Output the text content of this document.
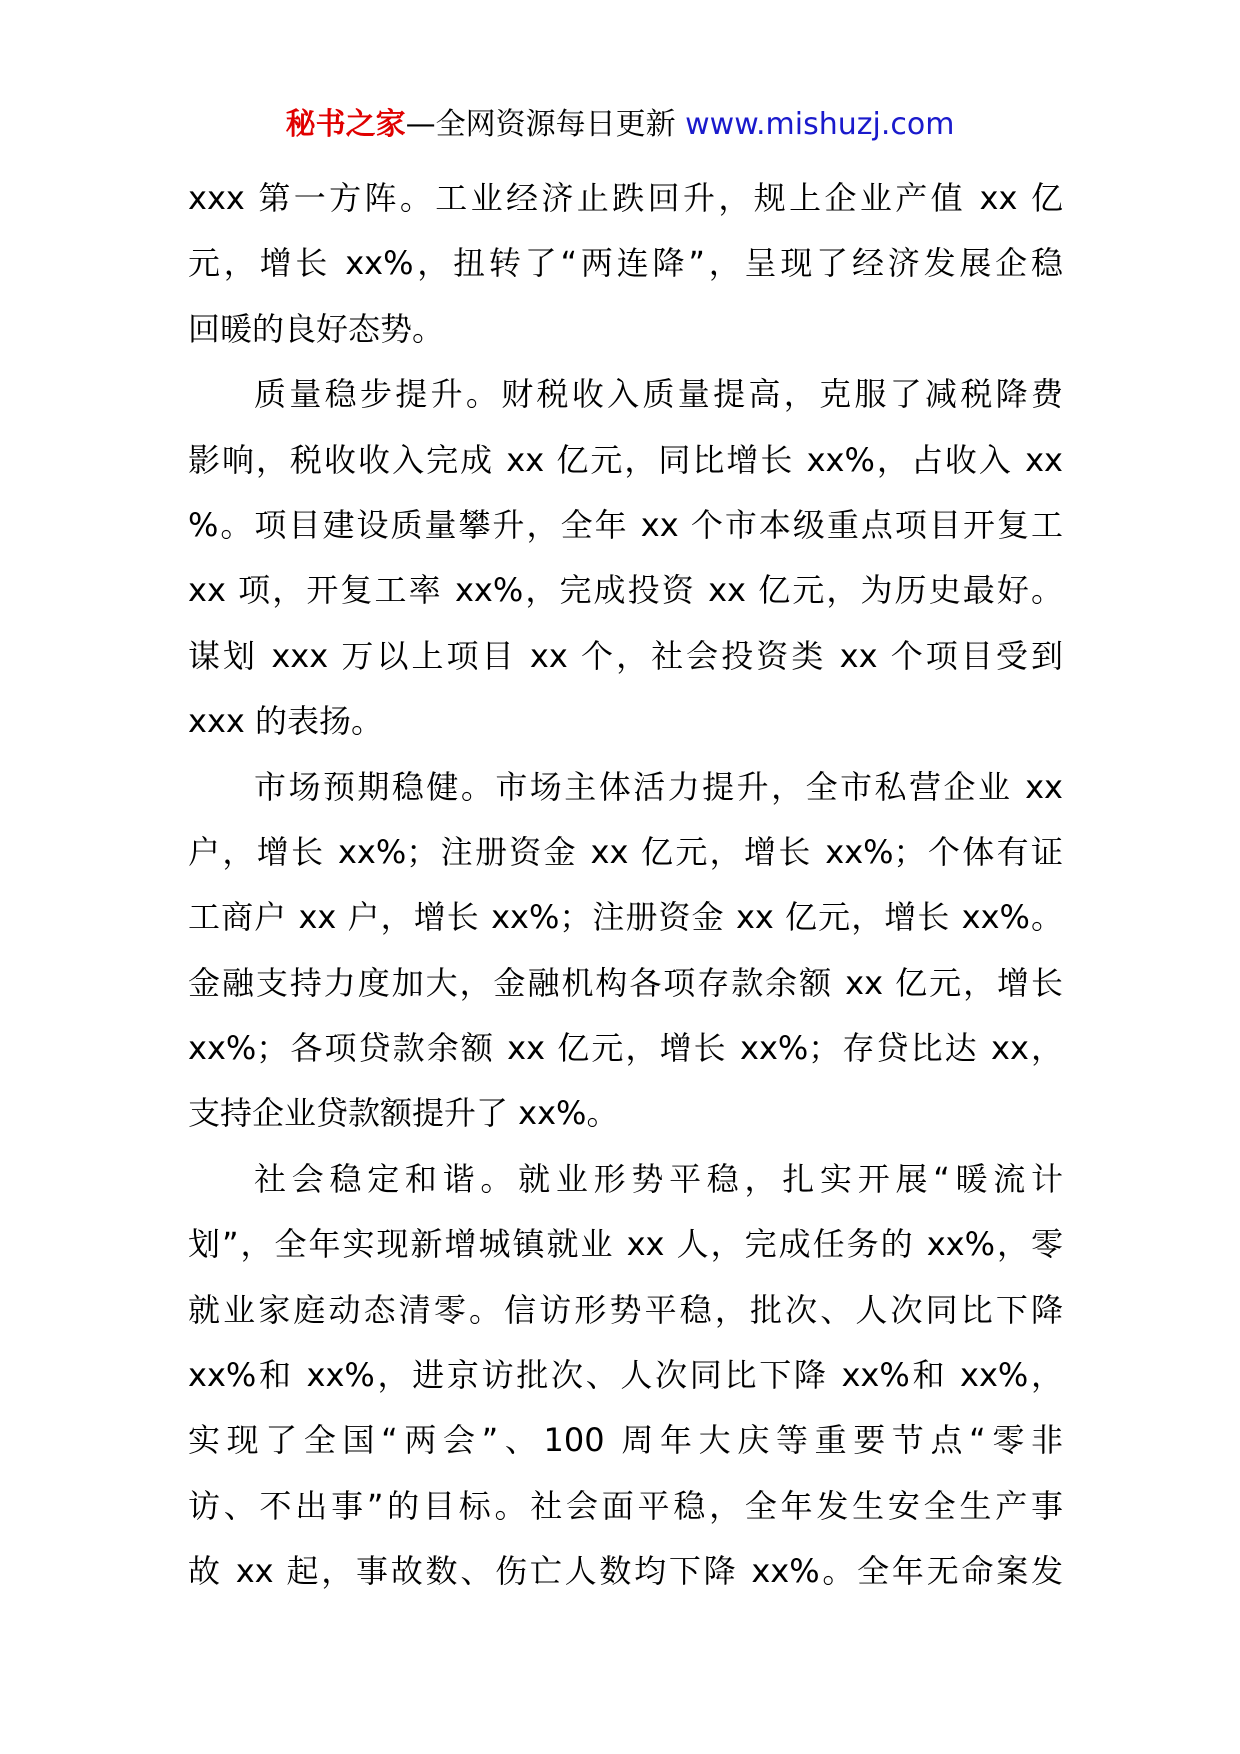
秘书之家—全网资源每日更新 www.mishuzj.com
xxx 第一方阵。工业经济止跌回升，规上企业产值 xx 亿
元，增长 xx%，扭转了“两连降”，呈现了经济发展企稳
回暖的良好态势。
质量稳步提升。财税收入质量提高，克服了减税降费
影响，税收收入完成 xx 亿元，同比增长 xx%，占收入 xx
%。项目建设质量攀升，全年 xx 个市本级重点项目开复工
xx 项，开复工率 xx%，完成投资 xx 亿元，为历史最好。
谋划 xxx 万以上项目 xx 个，社会投资类 xx 个项目受到
xxx 的表扬。
市场预期稳健。市场主体活力提升，全市私营企业 xx
户，增长 xx%；注册资金 xx 亿元，增长 xx%；个体有证
工商户 xx 户，增长 xx%；注册资金 xx 亿元，增长 xx%。
金融支持力度加大，金融机构各项存款余额 xx 亿元，增长
xx%；各项贷款余额 xx 亿元，增长 xx%；存贷比达 xx，
支持企业贷款额提升了 xx%。
社会稳定和谐。就业形势平稳，扎实开展“暖流计
划”，全年实现新增城镇就业 xx 人，完成任务的 xx%，零
就业家庭动态清零。信访形势平稳，批次、人次同比下降
xx%和 xx%，进京访批次、人次同比下降 xx%和 xx%，
实现了全国“两会”、100 周年大庆等重要节点“零非
访、不出事”的目标。社会面平稳，全年发生安全生产事
故 xx 起，事故数、伤亡人数均下降 xx%。全年无命案发
